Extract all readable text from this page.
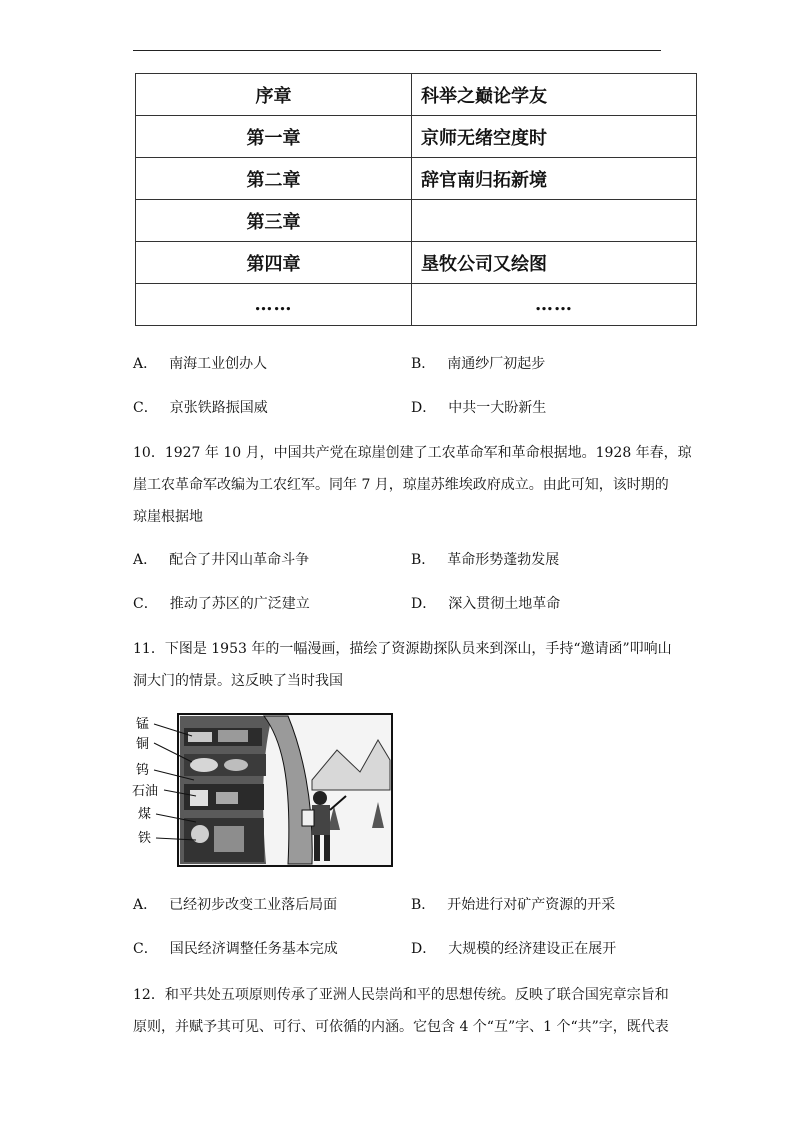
序章	科举之巅论学友
第一章	京师无绪空度时
第二章	辞官南归拓新境
第三章	
第四章	垦牧公司又绘图
……	……
A． 南海工业创办人	B． 南通纱厂初起步
C． 京张铁路振国威	D． 中共一大盼新生
10．1927 年 10 月，中国共产党在琼崖创建了工农革命军和革命根据地。1928 年春，琼
崖工农革命军改编为工农红军。同年 7 月，琼崖苏维埃政府成立。由此可知，该时期的
琼崖根据地
A． 配合了井冈山革命斗争	B． 革命形势蓬勃发展
C． 推动了苏区的广泛建立	D． 深入贯彻土地革命
11．下图是 1953 年的一幅漫画，描绘了资源勘探队员来到深山，手持“邀请函”叩响山
洞大门的情景。这反映了当时我国
锰
铜
钨
石油
煤
铁
A． 已经初步改变工业落后局面	B． 开始进行对矿产资源的开采
C． 国民经济调整任务基本完成	D． 大规模的经济建设正在展开
12．和平共处五项原则传承了亚洲人民崇尚和平的思想传统。反映了联合国宪章宗旨和
原则，并赋予其可见、可行、可依循的内涵。它包含 4 个“互”字、1 个“共”字，既代表
